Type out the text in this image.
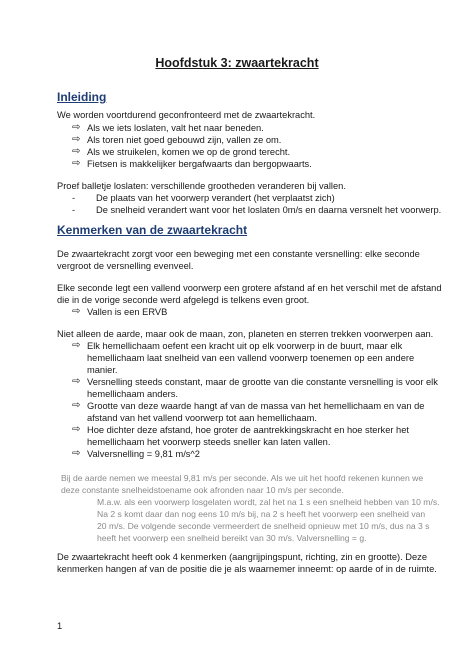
Hoofdstuk 3: zwaartekracht
Inleiding

We worden voortdurend geconfronteerd met de zwaartekracht.

⇨ Als we iets loslaten, valt het naar beneden.
⇨ Als toren niet goed gebouwd zijn, vallen ze om.
⇨ Als we struikelen, komen we op de grond terecht.
⇨ Fietsen is makkelijker bergafwaarts dan bergopwaarts.

Proef balletje loslaten: verschillende grootheden veranderen bij vallen.

- De plaats van het voorwerp verandert (het verplaatst zich)
- De snelheid verandert want voor het loslaten 0m/s en daarna versnelt het voorwerp.
Kenmerken van de zwaartekracht

De zwaartekracht zorgt voor een beweging met een constante versnelling: elke seconde

vergroot de versnelling evenveel.

Elke seconde legt een vallend voorwerp een grotere afstand af en het verschil met de afstand

die in de vorige seconde werd afgelegd is telkens even groot.

⇨ Vallen is een ERVB

Niet alleen de aarde, maar ook de maan, zon, planeten en sterren trekken voorwerpen aan.

⇨ Elk hemellichaam oefent een kracht uit op elk voorwerp in de buurt, maar elk
hemellichaam laat snelheid van een vallend voorwerp toenemen op een andere
manier.
⇨ Versnelling steeds constant, maar de grootte van die constante versnelling is voor elk
hemellichaam anders.
⇨ Grootte van deze waarde hangt af van de massa van het hemellichaam en van de
afstand van het vallend voorwerp tot aan hemellichaam.
⇨ Hoe dichter deze afstand, hoe groter de aantrekkingskracht en hoe sterker het
hemellichaam het voorwerp steeds sneller kan laten vallen.
⇨ Valversnelling = 9,81 m/s^2
Bij de aarde nemen we meestal 9,81 m/s per seconde. Als we uit het hoofd rekenen kunnen we
deze constante snelheidstoename ook afronden naar 10 m/s per seconde.
M.a.w. als een voorwerp losgelaten wordt, zal het na 1 s een snelheid hebben van 10 m/s.
Na 2 s komt daar dan nog eens 10 m/s bij, na 2 s heeft het voorwerp een snelheid van
20 m/s. De volgende seconde vermeerdert de snelheid opnieuw met 10 m/s, dus na 3 s
heeft het voorwerp een snelheid bereikt van 30 m/s. Valversnelling = g.

De zwaartekracht heeft ook 4 kenmerken (aangrijpingspunt, richting, zin en grootte). Deze

kenmerken hangen af van de positie die je als waarnemer inneemt: op aarde of in de ruimte.

1
